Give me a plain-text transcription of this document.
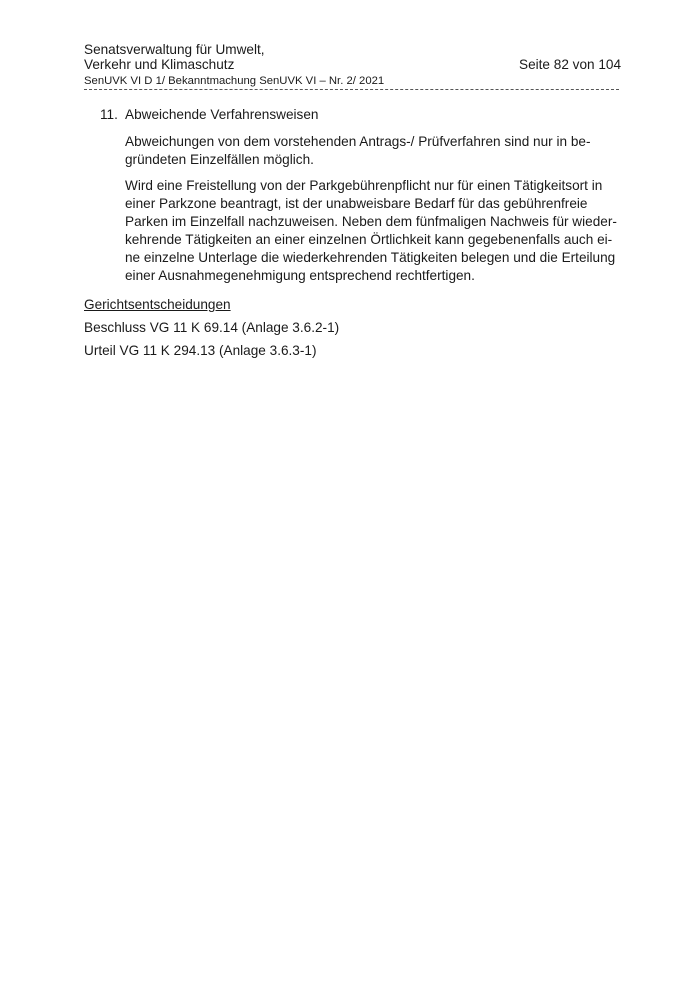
Senatsverwaltung für Umwelt,
Verkehr und Klimaschutz
SenUVK VI D 1/ Bekanntmachung SenUVK VI – Nr. 2/ 2021
Seite 82 von 104
11. Abweichende Verfahrensweisen
Abweichungen von dem vorstehenden Antrags-/ Prüfverfahren sind nur in be-
gründeten Einzelfällen möglich.
Wird eine Freistellung von der Parkgebührenpflicht nur für einen Tätigkeitsort in
einer Parkzone beantragt, ist der unabweisbare Bedarf für das gebührenfreie
Parken im Einzelfall nachzuweisen. Neben dem fünfmaligen Nachweis für wieder-
kehrende Tätigkeiten an einer einzelnen Örtlichkeit kann gegebenenfalls auch ei-
ne einzelne Unterlage die wiederkehrenden Tätigkeiten belegen und die Erteilung
einer Ausnahmegenehmigung entsprechend rechtfertigen.
Gerichtsentscheidungen
Beschluss VG 11 K 69.14 (Anlage 3.6.2-1)
Urteil VG 11 K 294.13 (Anlage 3.6.3-1)
